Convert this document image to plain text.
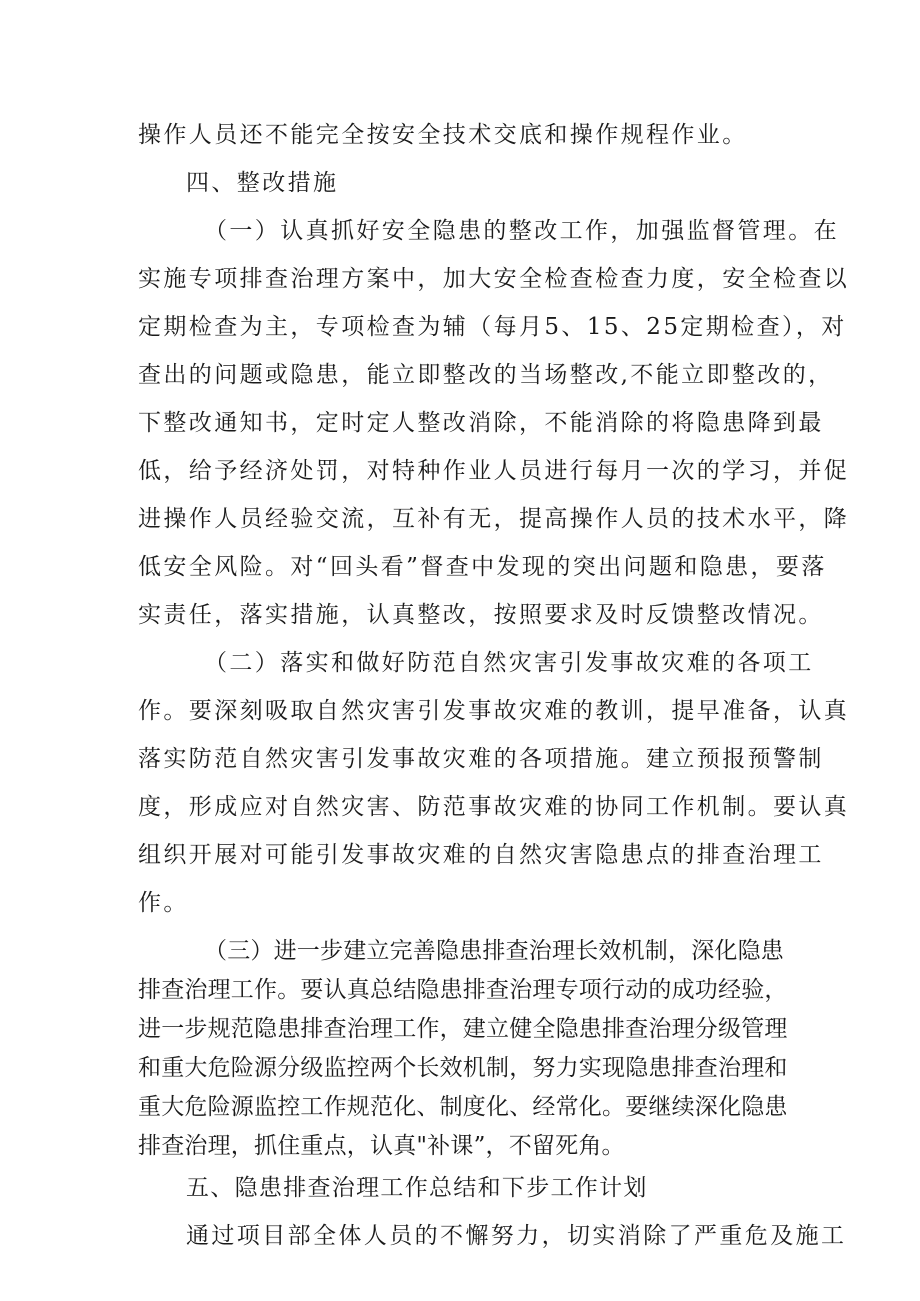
操作人员还不能完全按安全技术交底和操作规程作业。
四、整改措施
（一）认真抓好安全隐患的整改工作，加强监督管理。在
实施专项排查治理方案中，加大安全检查检查力度，安全检查以
定期检查为主，专项检查为辅（每月5、15、25定期检查），对
查出的问题或隐患，能立即整改的当场整改,不能立即整改的，
下整改通知书，定时定人整改消除，不能消除的将隐患降到最
低，给予经济处罚，对特种作业人员进行每月一次的学习，并促
进操作人员经验交流，互补有无，提高操作人员的技术水平，降
低安全风险。对“回头看”督查中发现的突出问题和隐患，要落
实责任，落实措施，认真整改，按照要求及时反馈整改情况。
（二）落实和做好防范自然灾害引发事故灾难的各项工
作。要深刻吸取自然灾害引发事故灾难的教训，提早准备，认真
落实防范自然灾害引发事故灾难的各项措施。建立预报预警制
度，形成应对自然灾害、防范事故灾难的协同工作机制。要认真
组织开展对可能引发事故灾难的自然灾害隐患点的排查治理工
作。
（三）进一步建立完善隐患排查治理长效机制，深化隐患
排查治理工作。要认真总结隐患排查治理专项行动的成功经验，
进一步规范隐患排查治理工作，建立健全隐患排查治理分级管理
和重大危险源分级监控两个长效机制，努力实现隐患排查治理和
重大危险源监控工作规范化、制度化、经常化。要继续深化隐患
排查治理，抓住重点，认真"补课”，不留死角。
五、隐患排查治理工作总结和下步工作计划
通过项目部全体人员的不懈努力，切实消除了严重危及施工
